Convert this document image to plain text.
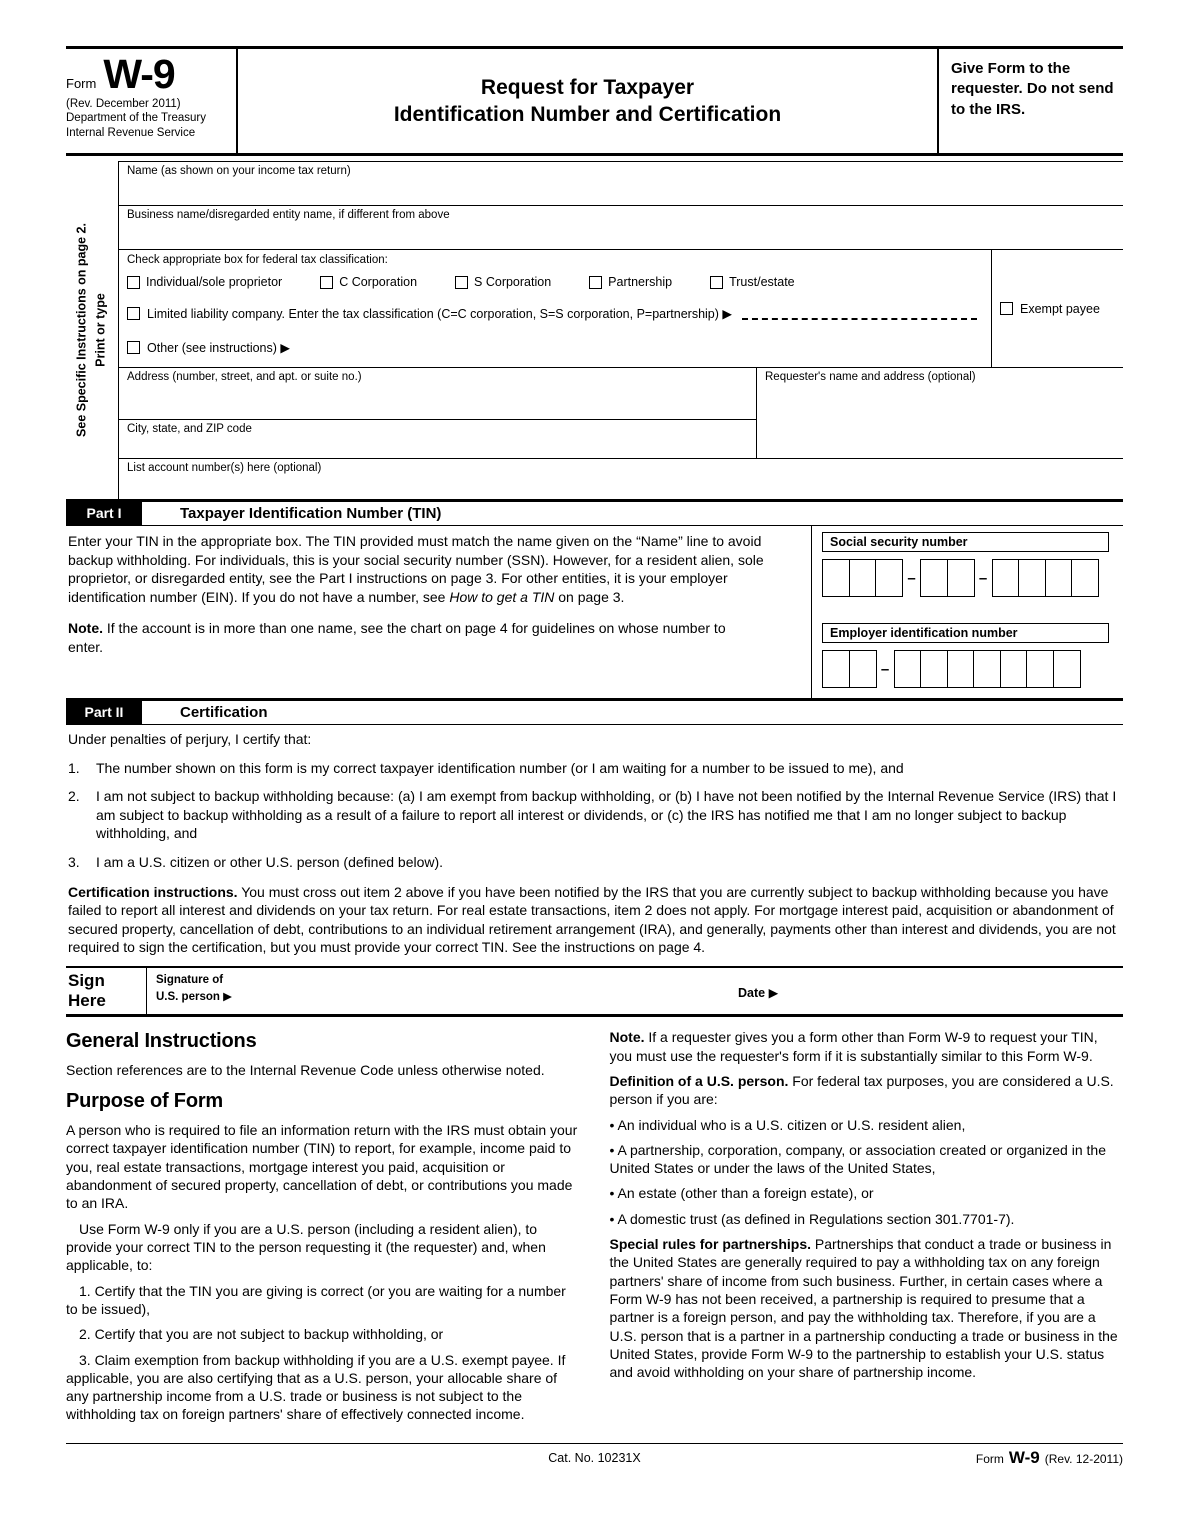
Form W-9
(Rev. December 2011)
Department of the Treasury
Internal Revenue Service
Request for Taxpayer
Identification Number and Certification
Give Form to the requester. Do not send to the IRS.
See Specific Instructions on page 2. Print or type
Name (as shown on your income tax return)
Business name/disregarded entity name, if different from above
Check appropriate box for federal tax classification:
Individual/sole proprietor	C Corporation	S Corporation	Partnership	Trust/estate
Limited liability company. Enter the tax classification (C=C corporation, S=S corporation, P=partnership) ▶
Other (see instructions) ▶
Exempt payee
Address (number, street, and apt. or suite no.)
City, state, and ZIP code
Requester's name and address (optional)
List account number(s) here (optional)
Part I	Taxpayer Identification Number (TIN)
Enter your TIN in the appropriate box. The TIN provided must match the name given on the “Name” line to avoid backup withholding. For individuals, this is your social security number (SSN). However, for a resident alien, sole proprietor, or disregarded entity, see the Part I instructions on page 3. For other entities, it is your employer identification number (EIN). If you do not have a number, see How to get a TIN on page 3.
Note. If the account is in more than one name, see the chart on page 4 for guidelines on whose number to enter.
Social security number
–	–
Employer identification number
–
Part II	Certification
Under penalties of perjury, I certify that:
1. The number shown on this form is my correct taxpayer identification number (or I am waiting for a number to be issued to me), and
2. I am not subject to backup withholding because: (a) I am exempt from backup withholding, or (b) I have not been notified by the Internal Revenue Service (IRS) that I am subject to backup withholding as a result of a failure to report all interest or dividends, or (c) the IRS has notified me that I am no longer subject to backup withholding, and
3. I am a U.S. citizen or other U.S. person (defined below).
Certification instructions. You must cross out item 2 above if you have been notified by the IRS that you are currently subject to backup withholding because you have failed to report all interest and dividends on your tax return. For real estate transactions, item 2 does not apply. For mortgage interest paid, acquisition or abandonment of secured property, cancellation of debt, contributions to an individual retirement arrangement (IRA), and generally, payments other than interest and dividends, you are not required to sign the certification, but you must provide your correct TIN. See the instructions on page 4.
Sign
Here
Signature of
U.S. person ▶	Date ▶
General Instructions
Section references are to the Internal Revenue Code unless otherwise noted.
Purpose of Form
A person who is required to file an information return with the IRS must obtain your correct taxpayer identification number (TIN) to report, for example, income paid to you, real estate transactions, mortgage interest you paid, acquisition or abandonment of secured property, cancellation of debt, or contributions you made to an IRA.
Use Form W-9 only if you are a U.S. person (including a resident alien), to provide your correct TIN to the person requesting it (the requester) and, when applicable, to:
1. Certify that the TIN you are giving is correct (or you are waiting for a number to be issued),
2. Certify that you are not subject to backup withholding, or
3. Claim exemption from backup withholding if you are a U.S. exempt payee. If applicable, you are also certifying that as a U.S. person, your allocable share of any partnership income from a U.S. trade or business is not subject to the withholding tax on foreign partners' share of effectively connected income.
Note. If a requester gives you a form other than Form W-9 to request your TIN, you must use the requester's form if it is substantially similar to this Form W-9.
Definition of a U.S. person. For federal tax purposes, you are considered a U.S. person if you are:
• An individual who is a U.S. citizen or U.S. resident alien,
• A partnership, corporation, company, or association created or organized in the United States or under the laws of the United States,
• An estate (other than a foreign estate), or
• A domestic trust (as defined in Regulations section 301.7701-7).
Special rules for partnerships. Partnerships that conduct a trade or business in the United States are generally required to pay a withholding tax on any foreign partners' share of income from such business. Further, in certain cases where a Form W-9 has not been received, a partnership is required to presume that a partner is a foreign person, and pay the withholding tax. Therefore, if you are a U.S. person that is a partner in a partnership conducting a trade or business in the United States, provide Form W-9 to the partnership to establish your U.S. status and avoid withholding on your share of partnership income.
Cat. No. 10231X	Form W-9 (Rev. 12-2011)
